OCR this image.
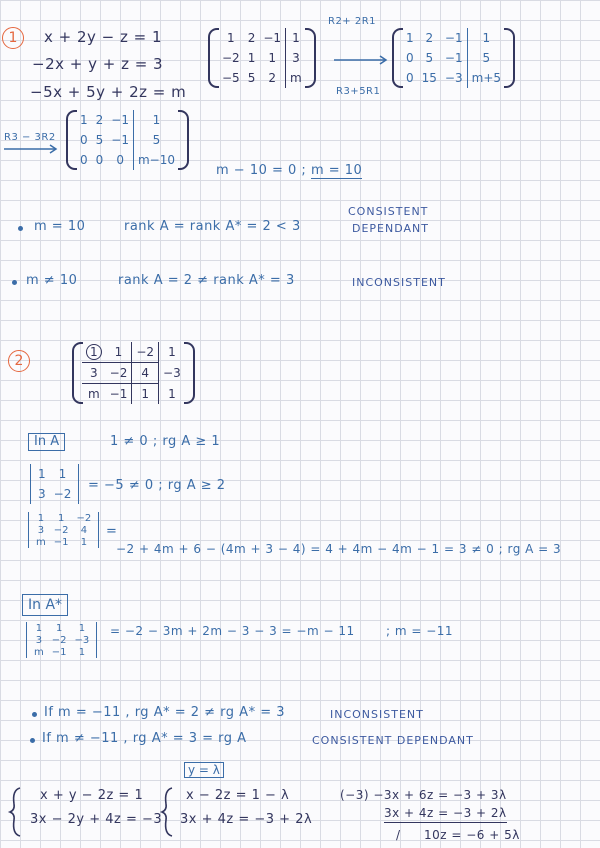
1	x + 2y − z = 1
−2x + y + z = 3
−5x + 5y + 2z = m
1	2	−1	1
−2	1	1	3
−5	5	2	m
R2+ 2R1
R3+5R1
1	2	−1	1
0	5	−1	5
0	15	−3	m+5
R3 − 3R2
1	2	−1	1
0	5	−1	5
0	0	0	m−10
m − 10 = 0 ; m = 10
m = 10	rank A = rank A* = 2 < 3
CONSISTENT
DEPENDANT
m ≠ 10	rank A = 2 ≠ rank A* = 3	INCONSISTENT
2
1	1	−2	1
3	−2	4	−3
m	−1	1	1
In A	1 ≠ 0 ; rg A ≥ 1
1	1
3	−2
= −5 ≠ 0 ; rg A ≥ 2
1	1	−2
3	−2	4
m	−1	1
=
−2 + 4m + 6 − (4m + 3 − 4) = 4 + 4m − 4m − 1 = 3 ≠ 0 ; rg A = 3
In A*
1	1	1
3	−2	−3
m	−1	1
= −2 − 3m + 2m − 3 − 3 = −m − 11	; m = −11
If m = −11 , rg A* = 2 ≠ rg A* = 3	INCONSISTENT
If m ≠ −11 , rg A* = 3 = rg A	CONSISTENT DEPENDANT
y = λ
x + y − 2z = 1
3x − 2y + 4z = −3
x − 2z = 1 − λ
3x + 4z = −3 + 2λ
(−3) −3x + 6z = −3 + 3λ
3x + 4z = −3 + 2λ
/ 10z = −6 + 5λ
